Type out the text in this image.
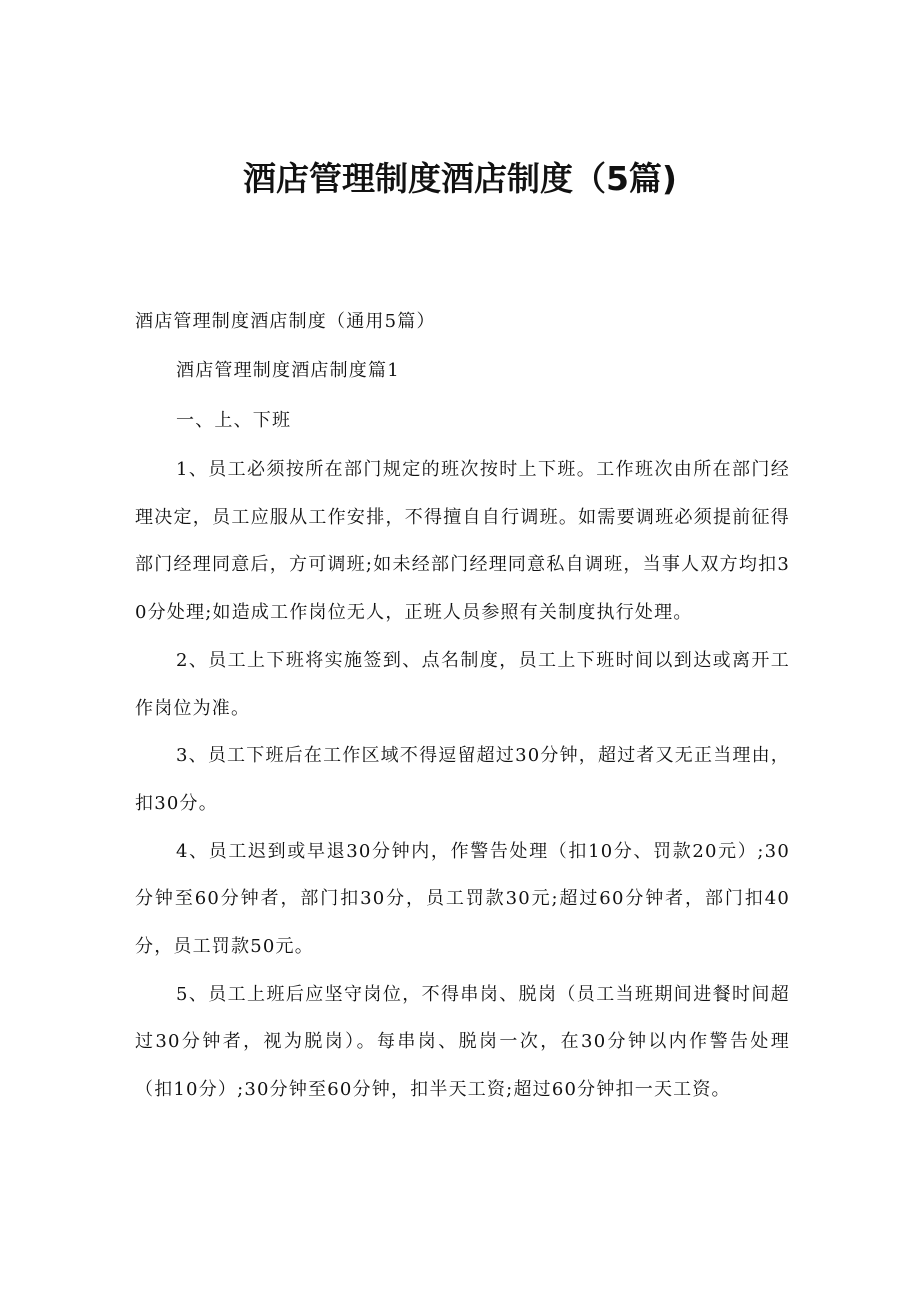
酒店管理制度酒店制度（5篇)

酒店管理制度酒店制度（通用5篇）

酒店管理制度酒店制度篇1

一、上、下班

1、员工必须按所在部门规定的班次按时上下班。工作班次由所在部门经理决定，员工应服从工作安排，不得擅自自行调班。如需要调班必须提前征得部门经理同意后，方可调班;如未经部门经理同意私自调班，当事人双方均扣30分处理;如造成工作岗位无人，正班人员参照有关制度执行处理。

2、员工上下班将实施签到、点名制度，员工上下班时间以到达或离开工作岗位为准。

3、员工下班后在工作区域不得逗留超过30分钟，超过者又无正当理由，扣30分。

4、员工迟到或早退30分钟内，作警告处理（扣10分、罚款20元）;30分钟至60分钟者，部门扣30分，员工罚款30元;超过60分钟者，部门扣40分，员工罚款50元。

5、员工上班后应坚守岗位，不得串岗、脱岗（员工当班期间进餐时间超过30分钟者，视为脱岗）。每串岗、脱岗一次，在30分钟以内作警告处理（扣10分）;30分钟至60分钟，扣半天工资;超过60分钟扣一天工资。
